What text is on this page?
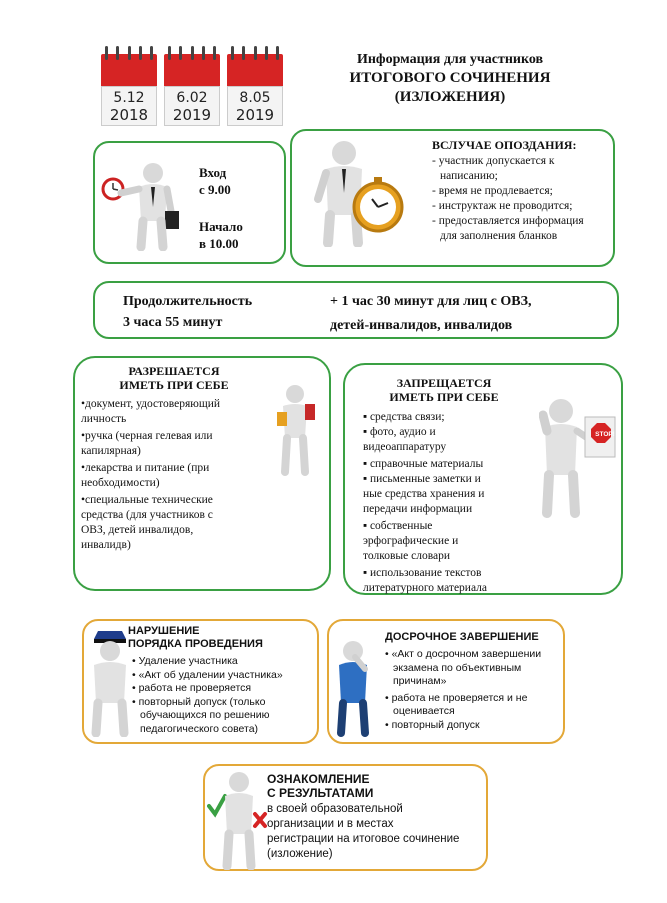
5.12
2018
6.02
2019
8.05
2019
Информация для участников
ИТОГОВОГО СОЧИНЕНИЯ
(ИЗЛОЖЕНИЯ)
Вход
с 9.00
Начало
в 10.00
ВСЛУЧАЕ ОПОЗДАНИЯ:
- участник допускается к
написанию;
- время не продлевается;
- инструктаж не проводится;
- предоставляется информация
для заполнения бланков
Продолжительность
3 часа 55 минут
+ 1 час 30 минут для лиц с ОВЗ,
детей-инвалидов, инвалидов
РАЗРЕШАЕТСЯ
ИМЕТЬ ПРИ СЕБЕ
•документ, удостоверяющий
личность
•ручка (черная гелевая или
капилярная)
•лекарства и питание (при
необходимости)
•специальные технические
средства (для участников с
ОВЗ, детей инвалидов,
инвалидв)
ЗАПРЕЩАЕТСЯ
ИМЕТЬ ПРИ СЕБЕ
STOP!
▪ средства связи;
▪ фото, аудио и
видеоаппаратуру
▪ справочные материалы
▪ письменные заметки и
ные средства хранения и
передачи информации
▪ собственные
эрфографические и
толковые словари
▪ использование текстов
литературного материала
НАРУШЕНИЕ
ПОРЯДКА ПРОВЕДЕНИЯ
• Удаление участника
• «Акт об удалении участника»
• работа не проверяется
• повторный допуск (только
обучающихся по решению
педагогического совета)
ДОСРОЧНОЕ ЗАВЕРШЕНИЕ
• «Акт о досрочном завершении
экзамена по объективным
причинам»
• работа не проверяется и не
оценивается
• повторный допуск
ОЗНАКОМЛЕНИЕ
С РЕЗУЛЬТАТАМИ
в своей образовательной
организации и в местах
регистрации на итоговое сочинение
(изложение)
